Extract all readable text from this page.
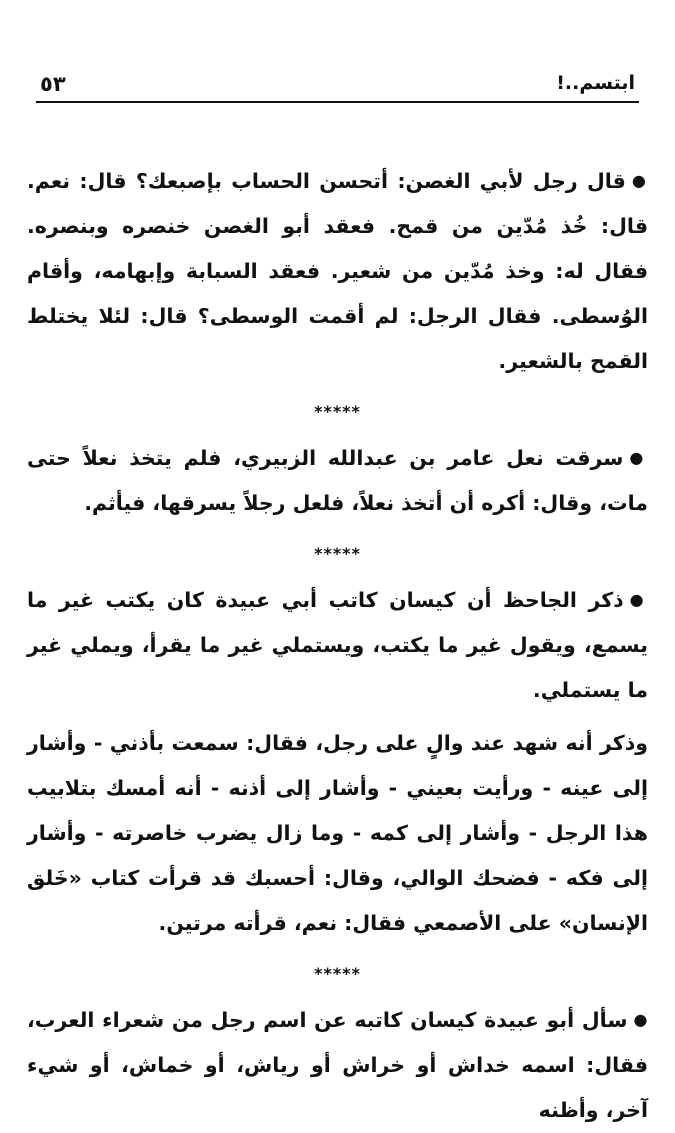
ابتسم..!
٥٣

●قال رجل لأبي الغصن: أتحسن الحساب بإصبعك؟ قال: نعم. قال: خُذ مُدّين من قمح. فعقد أبو الغصن خنصره وبنصره. فقال له: وخذ مُدّين من شعير. فعقد السبابة وإبهامه، وأقام الوُسطى. فقال الرجل: لم أقمت الوسطى؟ قال: لئلا يختلط القمح بالشعير.

*****

●سرقت نعل عامر بن عبدالله الزبيري، فلم يتخذ نعلاً حتى مات، وقال: أكره أن أتخذ نعلاً، فلعل رجلاً يسرقها، فيأثم.

*****

●ذكر الجاحظ أن كيسان كاتب أبي عبيدة كان يكتب غير ما يسمع، ويقول غير ما يكتب، ويستملي غير ما يقرأ، ويملي غير ما يستملي.

وذكر أنه شهد عند والٍ على رجل، فقال: سمعت بأذني - وأشار إلى عينه - ورأيت بعيني - وأشار إلى أذنه - أنه أمسك بتلابيب هذا الرجل - وأشار إلى كمه - وما زال يضرب خاصرته - وأشار إلى فكه - فضحك الوالي، وقال: أحسبك قد قرأت كتاب «خَلق الإنسان» على الأصمعي فقال: نعم، قرأته مرتين.

*****

●سأل أبو عبيدة كيسان كاتبه عن اسم رجل من شعراء العرب، فقال: اسمه خداش أو خراش أو رياش، أو خماش، أو شيء آخر، وأظنه
